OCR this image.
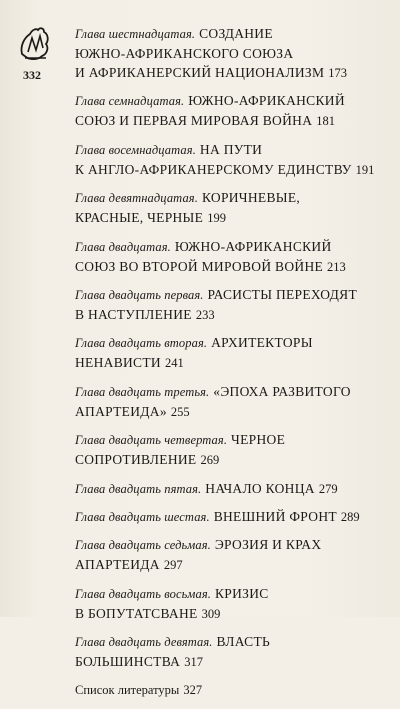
332
Глава шестнадцатая. СОЗДАНИЕ
ЮЖНО-АФРИКАНСКОГО СОЮЗА
И АФРИКАНЕРСКИЙ НАЦИОНАЛИЗМ 173
Глава семнадцатая. ЮЖНО-АФРИКАНСКИЙ
СОЮЗ И ПЕРВАЯ МИРОВАЯ ВОЙНА 181
Глава восемнадцатая. НА ПУТИ
К АНГЛО-АФРИКАНЕРСКОМУ ЕДИНСТВУ 191
Глава девятнадцатая. КОРИЧНЕВЫЕ,
КРАСНЫЕ, ЧЕРНЫЕ 199
Глава двадцатая. ЮЖНО-АФРИКАНСКИЙ
СОЮЗ ВО ВТОРОЙ МИРОВОЙ ВОЙНЕ 213
Глава двадцать первая. РАСИСТЫ ПЕРЕХОДЯТ
В НАСТУПЛЕНИЕ 233
Глава двадцать вторая. АРХИТЕКТОРЫ
НЕНАВИСТИ 241
Глава двадцать третья. «ЭПОХА РАЗВИТОГО
АПАРТЕИДА» 255
Глава двадцать четвертая. ЧЕРНОЕ
СОПРОТИВЛЕНИЕ 269
Глава двадцать пятая. НАЧАЛО КОНЦА 279
Глава двадцать шестая. ВНЕШНИЙ ФРОНТ 289
Глава двадцать седьмая. ЭРОЗИЯ И КРАХ
АПАРТЕИДА 297
Глава двадцать восьмая. КРИЗИС
В БОПУТАТСВАНЕ 309
Глава двадцать девятая. ВЛАСТЬ
БОЛЬШИНСТВА 317
Список литературы 327
